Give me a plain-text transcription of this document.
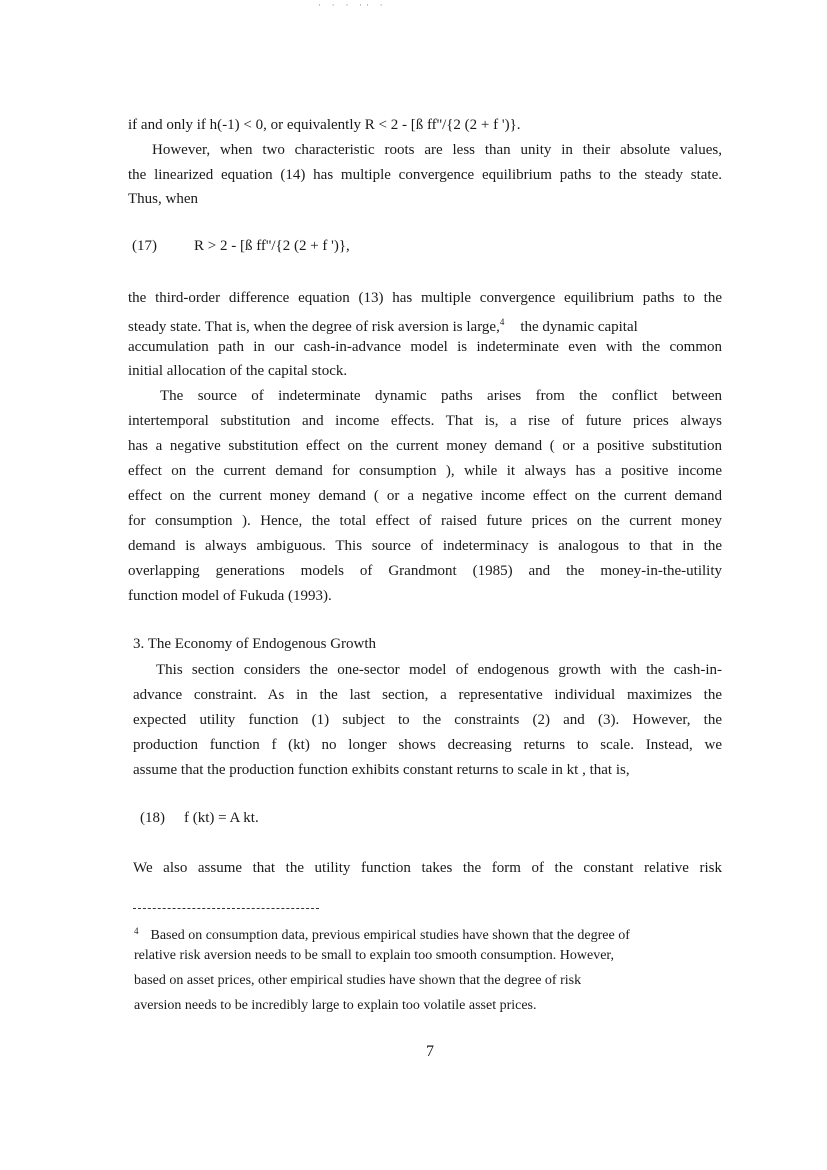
· · · ·· ·
if and only if h(-1) < 0, or equivalently R < 2 - [ß ff''/{2 (2 + f ')}.
However, when two characteristic roots are less than unity in their absolute values,
the linearized equation (14) has multiple convergence equilibrium paths to the steady state.
Thus, when
(17) R > 2 - [ß ff''/{2 (2 + f ')},
the third-order difference equation (13) has multiple convergence equilibrium paths to the
steady state. That is, when the degree of risk aversion is large,$^4$ the dynamic capital
accumulation path in our cash-in-advance model is indeterminate even with the common
initial allocation of the capital stock.
The source of indeterminate dynamic paths arises from the conflict between
intertemporal substitution and income effects. That is, a rise of future prices always
has a negative substitution effect on the current money demand ( or a positive substitution
effect on the current demand for consumption ), while it always has a positive income
effect on the current money demand ( or a negative income effect on the current demand
for consumption ). Hence, the total effect of raised future prices on the current money
demand is always ambiguous. This source of indeterminacy is analogous to that in the
overlapping generations models of Grandmont (1985) and the money-in-the-utility
function model of Fukuda (1993).
3. The Economy of Endogenous Growth
This section considers the one-sector model of endogenous growth with the cash-in-
advance constraint. As in the last section, a representative individual maximizes the
expected utility function (1) subject to the constraints (2) and (3). However, the
production function f (kt) no longer shows decreasing returns to scale. Instead, we
assume that the production function exhibits constant returns to scale in kt , that is,
(18) f (kt) = A kt.
We also assume that the utility function takes the form of the constant relative risk
$^4$ Based on consumption data, previous empirical studies have shown that the degree of
relative risk aversion needs to be small to explain too smooth consumption. However,
based on asset prices, other empirical studies have shown that the degree of risk
aversion needs to be incredibly large to explain too volatile asset prices.
7
